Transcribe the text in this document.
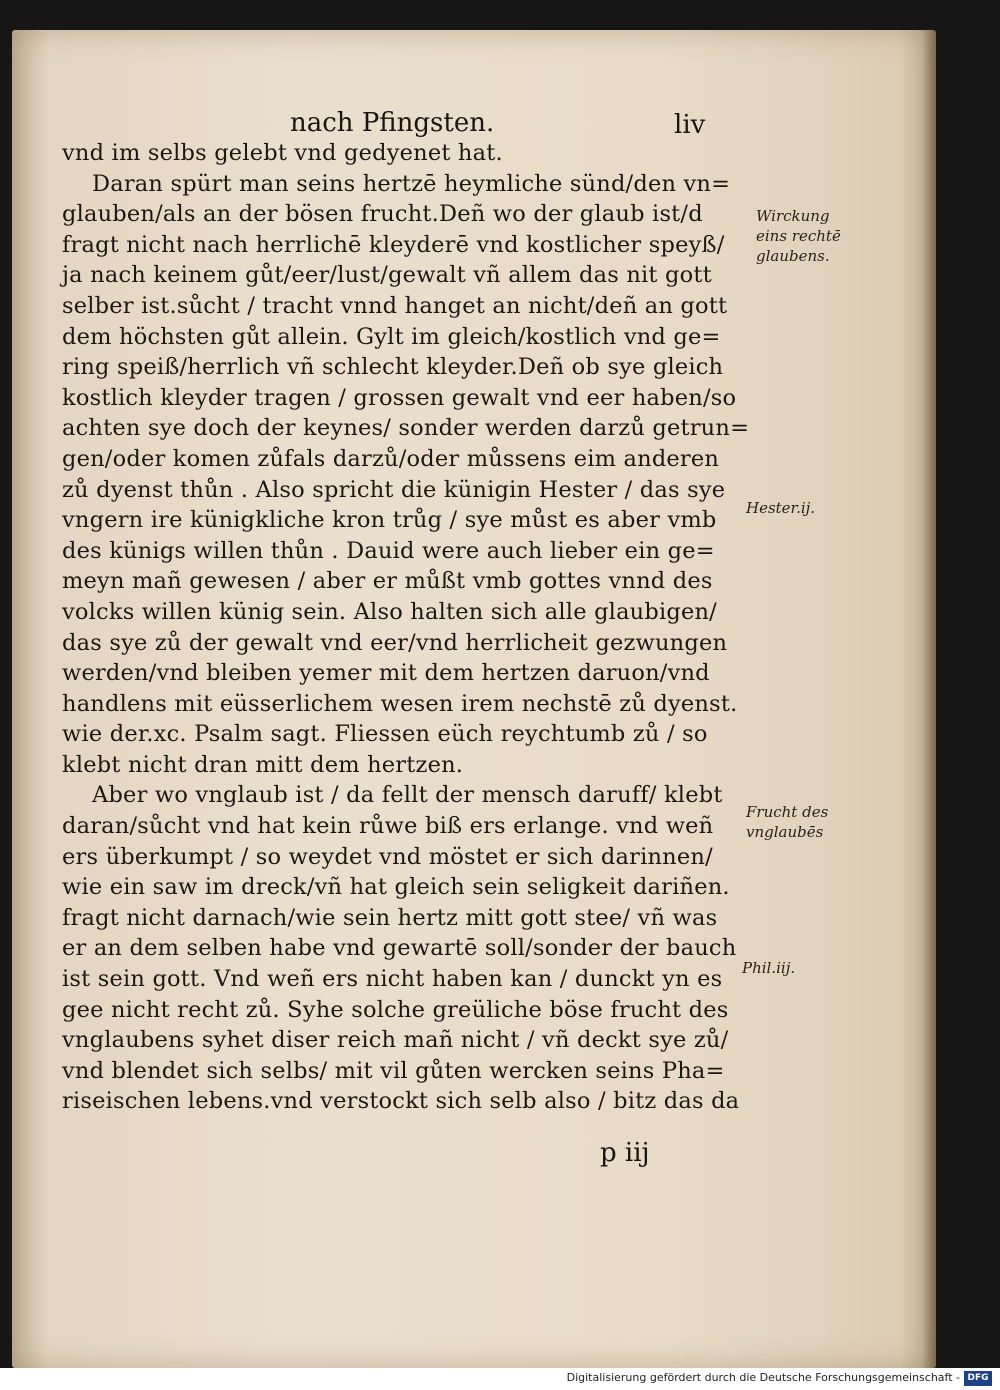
nach Pfingsten.	liv
vnd im selbs gelebt vnd gedyenet hat.
Daran spürt man seins hertzē heymliche sünd/den vn=
glauben/als an der bösen frucht.Deñ wo der glaub ist/d
fragt nicht nach herrlichē kleyderē vnd kostlicher speyß/
ja nach keinem gůt/eer/lust/gewalt vñ allem das nit gott
selber ist.sůcht / tracht vnnd hanget an nicht/deñ an gott
dem höchsten gůt allein. Gylt im gleich/kostlich vnd ge=
ring speiß/herrlich vñ schlecht kleyder.Deñ ob sye gleich
kostlich kleyder tragen / grossen gewalt vnd eer haben/so
achten sye doch der keynes/ sonder werden darzů getrun=
gen/oder komen zůfals darzů/oder můssens eim anderen
zů dyenst thůn . Also spricht die künigin Hester / das sye
vngern ire künigkliche kron trůg / sye můst es aber vmb
des künigs willen thůn . Dauid were auch lieber ein ge=
meyn mañ gewesen / aber er můßt vmb gottes vnnd des
volcks willen künig sein. Also halten sich alle glaubigen/
das sye zů der gewalt vnd eer/vnd herrlicheit gezwungen
werden/vnd bleiben yemer mit dem hertzen daruon/vnd
handlens mit eüsserlichem wesen irem nechstē zů dyenst.
wie der.xc. Psalm sagt. Fliessen eüch reychtumb zů / so
klebt nicht dran mitt dem hertzen.
Aber wo vnglaub ist / da fellt der mensch daruff/ klebt
daran/sůcht vnd hat kein růwe biß ers erlange. vnd weñ
ers überkumpt / so weydet vnd möstet er sich darinnen/
wie ein saw im dreck/vñ hat gleich sein seligkeit dariñen.
fragt nicht darnach/wie sein hertz mitt gott stee/ vñ was
er an dem selben habe vnd gewartē soll/sonder der bauch
ist sein gott. Vnd weñ ers nicht haben kan / dunckt yn es
gee nicht recht zů. Syhe solche greüliche böse frucht des
vnglaubens syhet diser reich mañ nicht / vñ deckt sye zů/
vnd blendet sich selbs/ mit vil gůten wercken seins Pha=
riseischen lebens.vnd verstockt sich selb also / bitz das da
Wirckung
eins rechtē
glaubens.
Hester.ij.
Frucht des
vnglaubēs
Phil.iij.
p iij
Digitalisierung gefördert durch die Deutsche Forschungsgemeinschaft - DFG
